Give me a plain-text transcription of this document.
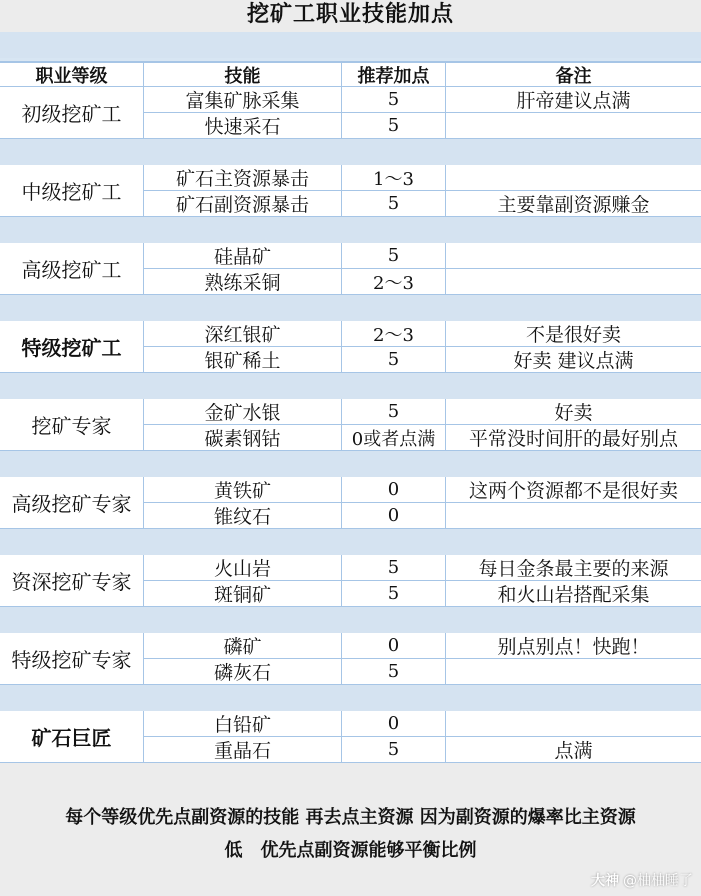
挖矿工职业技能加点
职业等级	技能	推荐加点	备注
初级挖矿工
富集矿脉采集	5	肝帝建议点满
快速采石	5
中级挖矿工
矿石主资源暴击	1～3
矿石副资源暴击	5	主要靠副资源赚金
高级挖矿工
硅晶矿	5
熟练采铜	2～3
特级挖矿工
深红银矿	2～3	不是很好卖
银矿稀土	5	好卖 建议点满
挖矿专家
金矿水银	5	好卖
碳素钢钴	0或者点满	平常没时间肝的最好别点
高级挖矿专家
黄铁矿	0	这两个资源都不是很好卖
锥纹石	0
资深挖矿专家
火山岩	5	每日金条最主要的来源
斑铜矿	5	和火山岩搭配采集
特级挖矿专家
磷矿	0	别点别点！快跑！
磷灰石	5
矿石巨匠
白铅矿	0
重晶石	5	点满
每个等级优先点副资源的技能 再去点主资源 因为副资源的爆率比主资源
低　优先点副资源能够平衡比例
大神 @柚柚睡了
